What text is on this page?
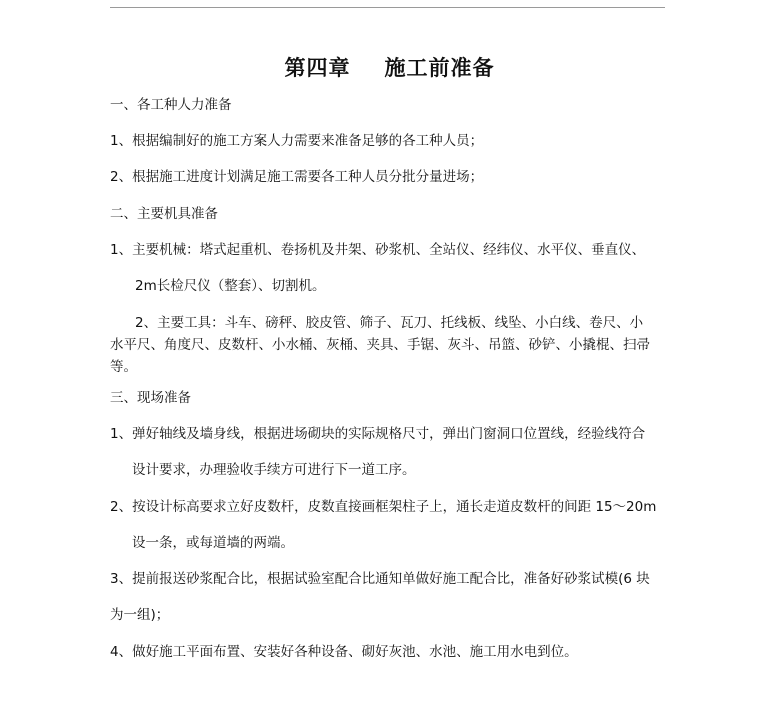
第四章 施工前准备
一、各工种人力准备
1、根据编制好的施工方案人力需要来准备足够的各工种人员；
2、根据施工进度计划满足施工需要各工种人员分批分量进场；
二、主要机具准备
1、主要机械：塔式起重机、卷扬机及井架、砂浆机、全站仪、经纬仪、水平仪、垂直仪、
2m长检尺仪（整套）、切割机。
2、主要工具：斗车、磅秤、胶皮管、筛子、瓦刀、托线板、线坠、小白线、卷尺、小
水平尺、角度尺、皮数杆、小水桶、灰桶、夹具、手锯、灰斗、吊篮、砂铲、小撬棍、扫帚
等。
三、现场准备
1、弹好轴线及墙身线，根据进场砌块的实际规格尺寸，弹出门窗洞口位置线，经验线符合
设计要求，办理验收手续方可进行下一道工序。
2、按设计标高要求立好皮数杆，皮数直接画框架柱子上，通长走道皮数杆的间距 15～20m
设一条，或每道墙的两端。
3、提前报送砂浆配合比，根据试验室配合比通知单做好施工配合比，准备好砂浆试模(6 块
为一组)；
4、做好施工平面布置、安装好各种设备、砌好灰池、水池、施工用水电到位。
